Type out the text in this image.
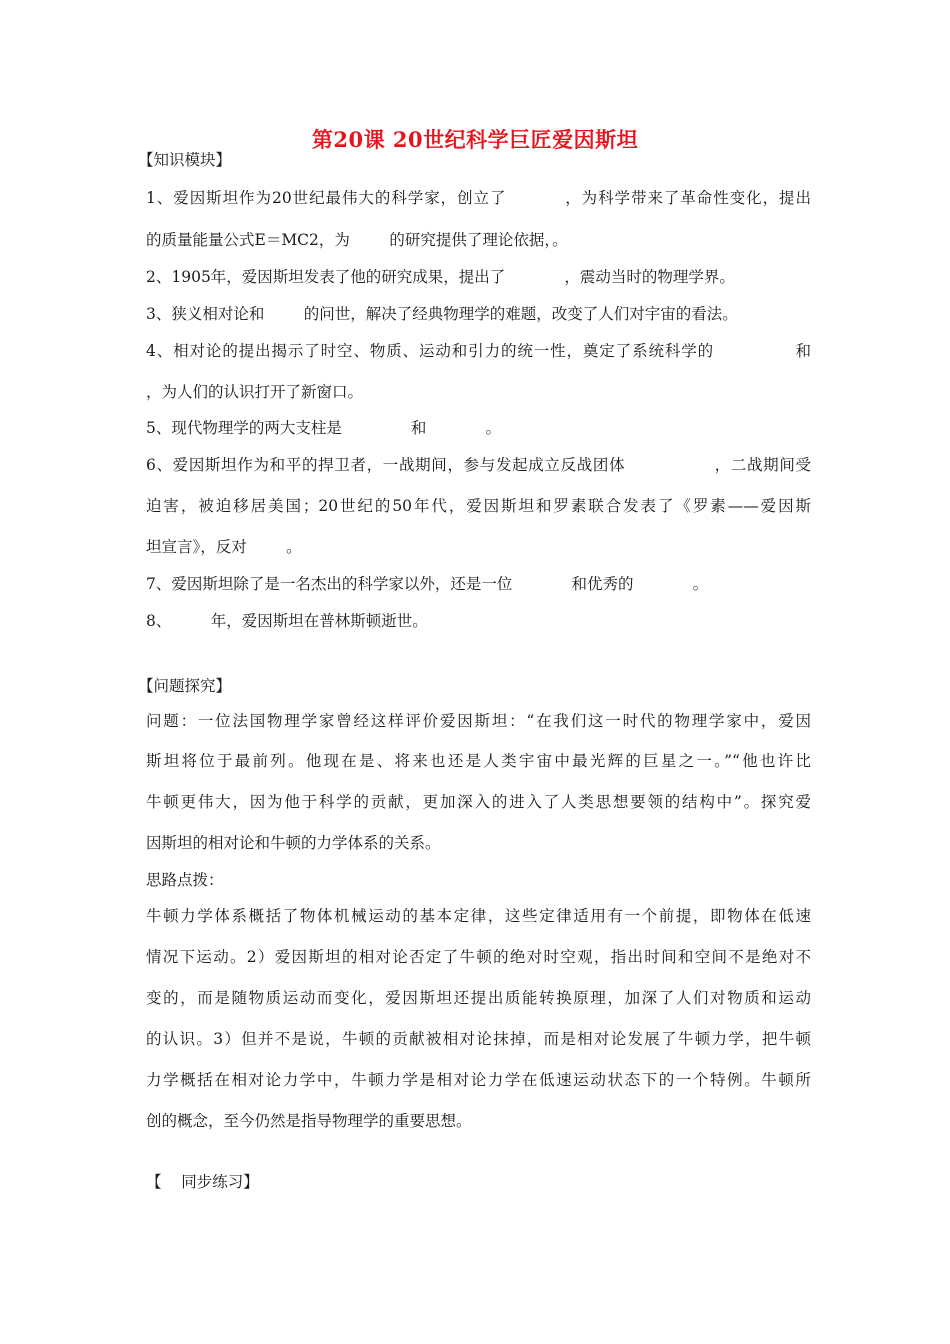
第20课 20世纪科学巨匠爱因斯坦
【知识模块】
1、爱因斯坦作为20世纪最伟大的科学家，创立了          ，为科学带来了革命性变化，提出
的质量能量公式E＝MC2，为        的研究提供了理论依据，。
2、1905年，爱因斯坦发表了他的研究成果，提出了            ，震动当时的物理学界。
3、狭义相对论和        的问世，解决了经典物理学的难题，改变了人们对宇宙的看法。
4、相对论的提出揭示了时空、物质、运动和引力的统一性，奠定了系统科学的              和
，为人们的认识打开了新窗口。
5、现代物理学的两大支柱是              和            。
6、爱因斯坦作为和平的捍卫者，一战期间，参与发起成立反战团体                ，二战期间受
迫害，被迫移居美国；20世纪的50年代，爱因斯坦和罗素联合发表了《罗素——爱因斯
坦宣言》，反对        。
7、爱因斯坦除了是一名杰出的科学家以外，还是一位            和优秀的            。
8、        年，爱因斯坦在普林斯顿逝世。
【问题探究】
问题：一位法国物理学家曾经这样评价爱因斯坦：“在我们这一时代的物理学家中，爱因
斯坦将位于最前列。他现在是、将来也还是人类宇宙中最光辉的巨星之一。”“他也许比
牛顿更伟大，因为他于科学的贡献，更加深入的进入了人类思想要领的结构中”。探究爱
因斯坦的相对论和牛顿的力学体系的关系。
思路点拨：
牛顿力学体系概括了物体机械运动的基本定律，这些定律适用有一个前提，即物体在低速
情况下运动。2）爱因斯坦的相对论否定了牛顿的绝对时空观，指出时间和空间不是绝对不
变的，而是随物质运动而变化，爱因斯坦还提出质能转换原理，加深了人们对物质和运动
的认识。3）但并不是说，牛顿的贡献被相对论抹掉，而是相对论发展了牛顿力学，把牛顿
力学概括在相对论力学中，牛顿力学是相对论力学在低速运动状态下的一个特例。牛顿所
创的概念，至今仍然是指导物理学的重要思想。
【    同步练习】
